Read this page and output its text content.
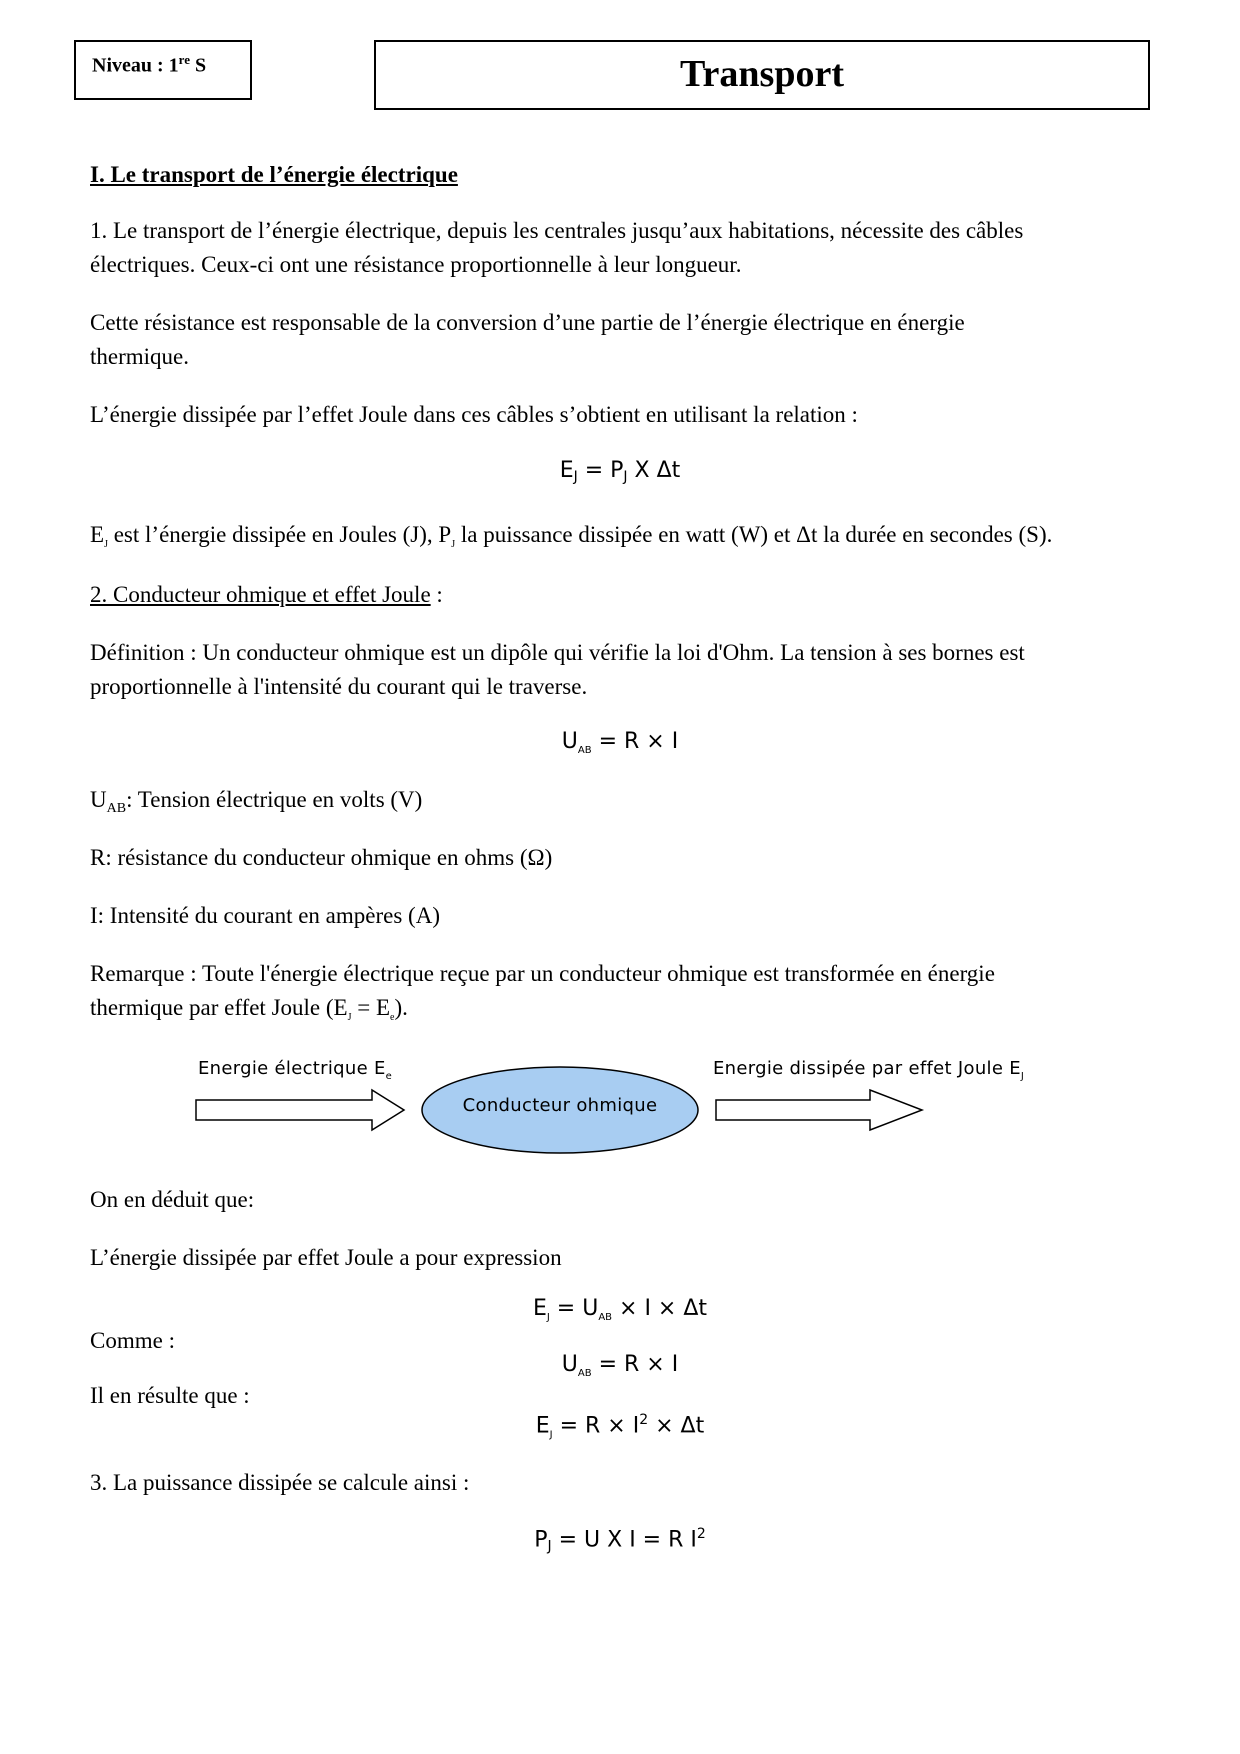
Niveau : 1re S	Transport
I. Le transport de l’énergie électrique
1. Le transport de l’énergie électrique, depuis les centrales jusqu’aux habitations, nécessite des câbles
électriques. Ceux-ci ont une résistance proportionnelle à leur longueur.
Cette résistance est responsable de la conversion d’une partie de l’énergie électrique en énergie
thermique.
L’énergie dissipée par l’effet Joule dans ces câbles s’obtient en utilisant la relation :
$E_J = P_J$ X Δt
$E_J$ est l’énergie dissipée en Joules (J), $P_J$ la puissance dissipée en watt (W) et Δt la durée en secondes (S).
2. Conducteur ohmique et effet Joule :
Définition : Un conducteur ohmique est un dipôle qui vérifie la loi d'Ohm. La tension à ses bornes est
proportionnelle à l'intensité du courant qui le traverse.
$U_{AB} = R \times I$
$U_{AB}$: Tension électrique en volts (V)
R: résistance du conducteur ohmique en ohms (Ω)
I: Intensité du courant en ampères (A)
Remarque : Toute l'énergie électrique reçue par un conducteur ohmique est transformée en énergie
thermique par effet Joule $(E_J = E_e)$.
Energie électrique $E_e$	Energie dissipée par effet Joule $E_J$
Conducteur ohmique
On en déduit que:
L’énergie dissipée par effet Joule a pour expression
$E_J = U_{AB} \times I \times \Delta t$
Comme :
$U_{AB} = R \times I$
Il en résulte que :
$E_J = R \times I^2 \times \Delta t$
3. La puissance dissipée se calcule ainsi :
$P_J = U$ X I = R $I^2$
